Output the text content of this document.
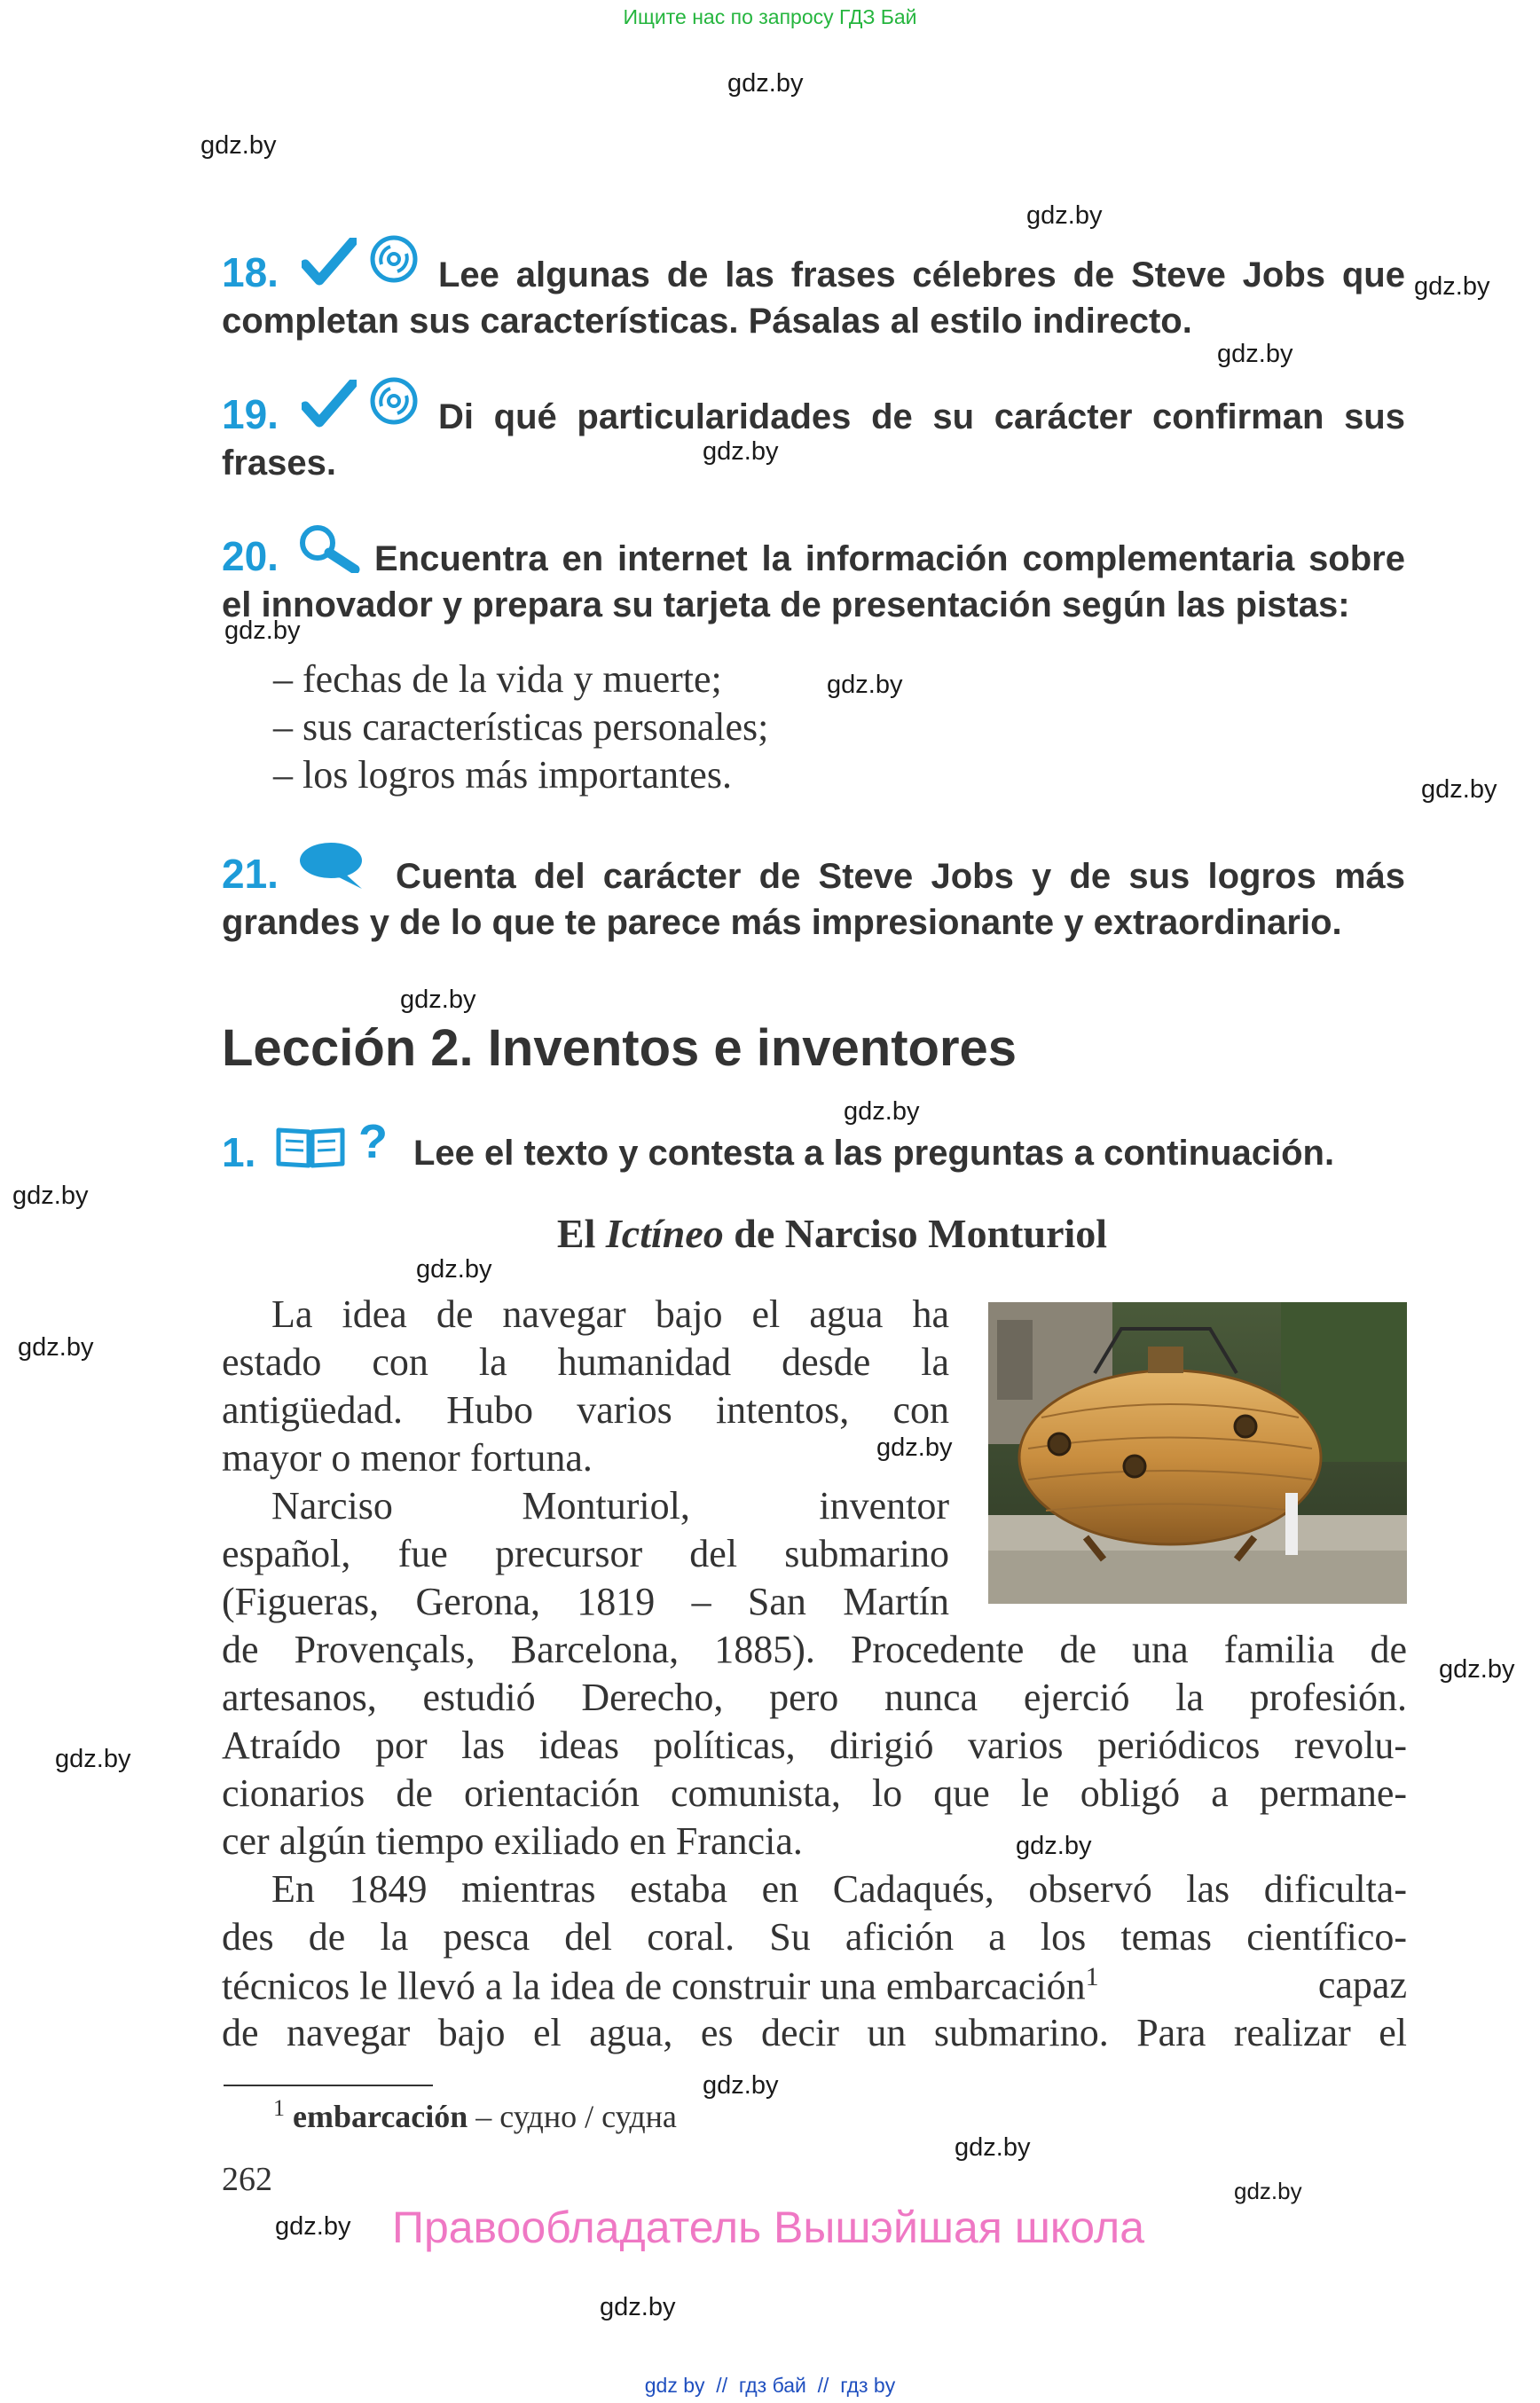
Ищите нас по запросу ГДЗ Бай
gdz.by
gdz.by
gdz.by
gdz.by
gdz.by
gdz.by
gdz.by
gdz.by
gdz.by
gdz.by
gdz.by
gdz.by
gdz.by
gdz.by
gdz.by
gdz.by
gdz.by
gdz.by
gdz.by
gdz.by
gdz.by
gdz.by
gdz.by
18.	Lee algunas de las frases célebres de Steve Jobs que completan sus características. Pásalas al estilo indirecto.
19.	Di qué particularidades de su carácter confirman sus frases.
20.	Encuentra en internet la información complementaria sobre el innovador y prepara su tarjeta de presentación según las pistas:
– fechas de la vida y muerte;
– sus características personales;
– los logros más importantes.
21.	Cuenta del carácter de Steve Jobs y de sus logros más grandes y de lo que te parece más impresionante y extraordinario.
Lección 2. Inventos e inventores
1. ? Lee el texto y contesta a las preguntas a continuación.
El Ictíneo de Narciso Monturiol
La idea de navegar bajo el agua ha
estado con la humanidad desde la
antigüedad. Hubo varios intentos, con
mayor o menor fortuna.
Narciso Monturiol, inventor
español, fue precursor del submarino
(Figueras, Gerona, 1819 – San Martín
de Provençals, Barcelona, 1885). Procedente de una familia de
artesanos, estudió Derecho, pero nunca ejerció la profesión.
Atraído por las ideas políticas, dirigió varios periódicos revolu-
cionarios de orientación comunista, lo que le obligó a permane-
cer algún tiempo exiliado en Francia.
En 1849 mientras estaba en Cadaqués, observó las dificulta-
des de la pesca del coral. Su afición a los temas científico-
técnicos le llevó a la idea de construir una embarcación$^1$	capaz
de navegar bajo el agua, es decir un submarino. Para realizar el
$^1$ embarcación – судно / судна
262
Правообладатель Вышэйшая школа
gdz by  //  гдз бай  //  гдз by
